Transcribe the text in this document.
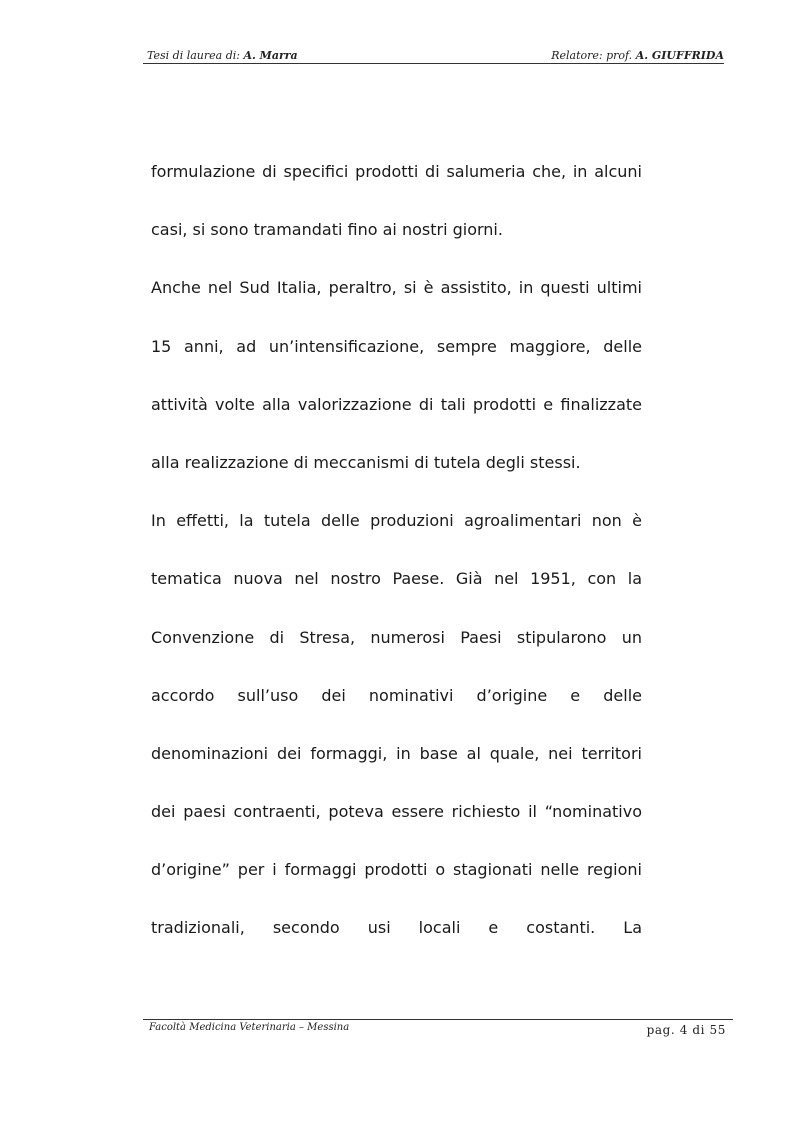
Tesi di laurea di: A. Marra	Relatore: prof. A. GIUFFRIDA
formulazione di specifici prodotti di salumeria che, in alcuni
casi, si sono tramandati fino ai nostri giorni.
Anche nel Sud Italia, peraltro, si è assistito, in questi ultimi
15 anni, ad un’intensificazione, sempre maggiore, delle
attività volte alla valorizzazione di tali prodotti e finalizzate
alla realizzazione di meccanismi di tutela degli stessi.
In effetti, la tutela delle produzioni agroalimentari non è
tematica nuova nel nostro Paese. Già nel 1951, con la
Convenzione di Stresa, numerosi Paesi stipularono un
accordo sull’uso dei nominativi d’origine e delle
denominazioni dei formaggi, in base al quale, nei territori
dei paesi contraenti, poteva essere richiesto il “nominativo
d’origine” per i formaggi prodotti o stagionati nelle regioni
tradizionali, secondo usi locali e costanti. La
Facoltà Medicina Veterinaria – Messina	pag. 4 di 55
